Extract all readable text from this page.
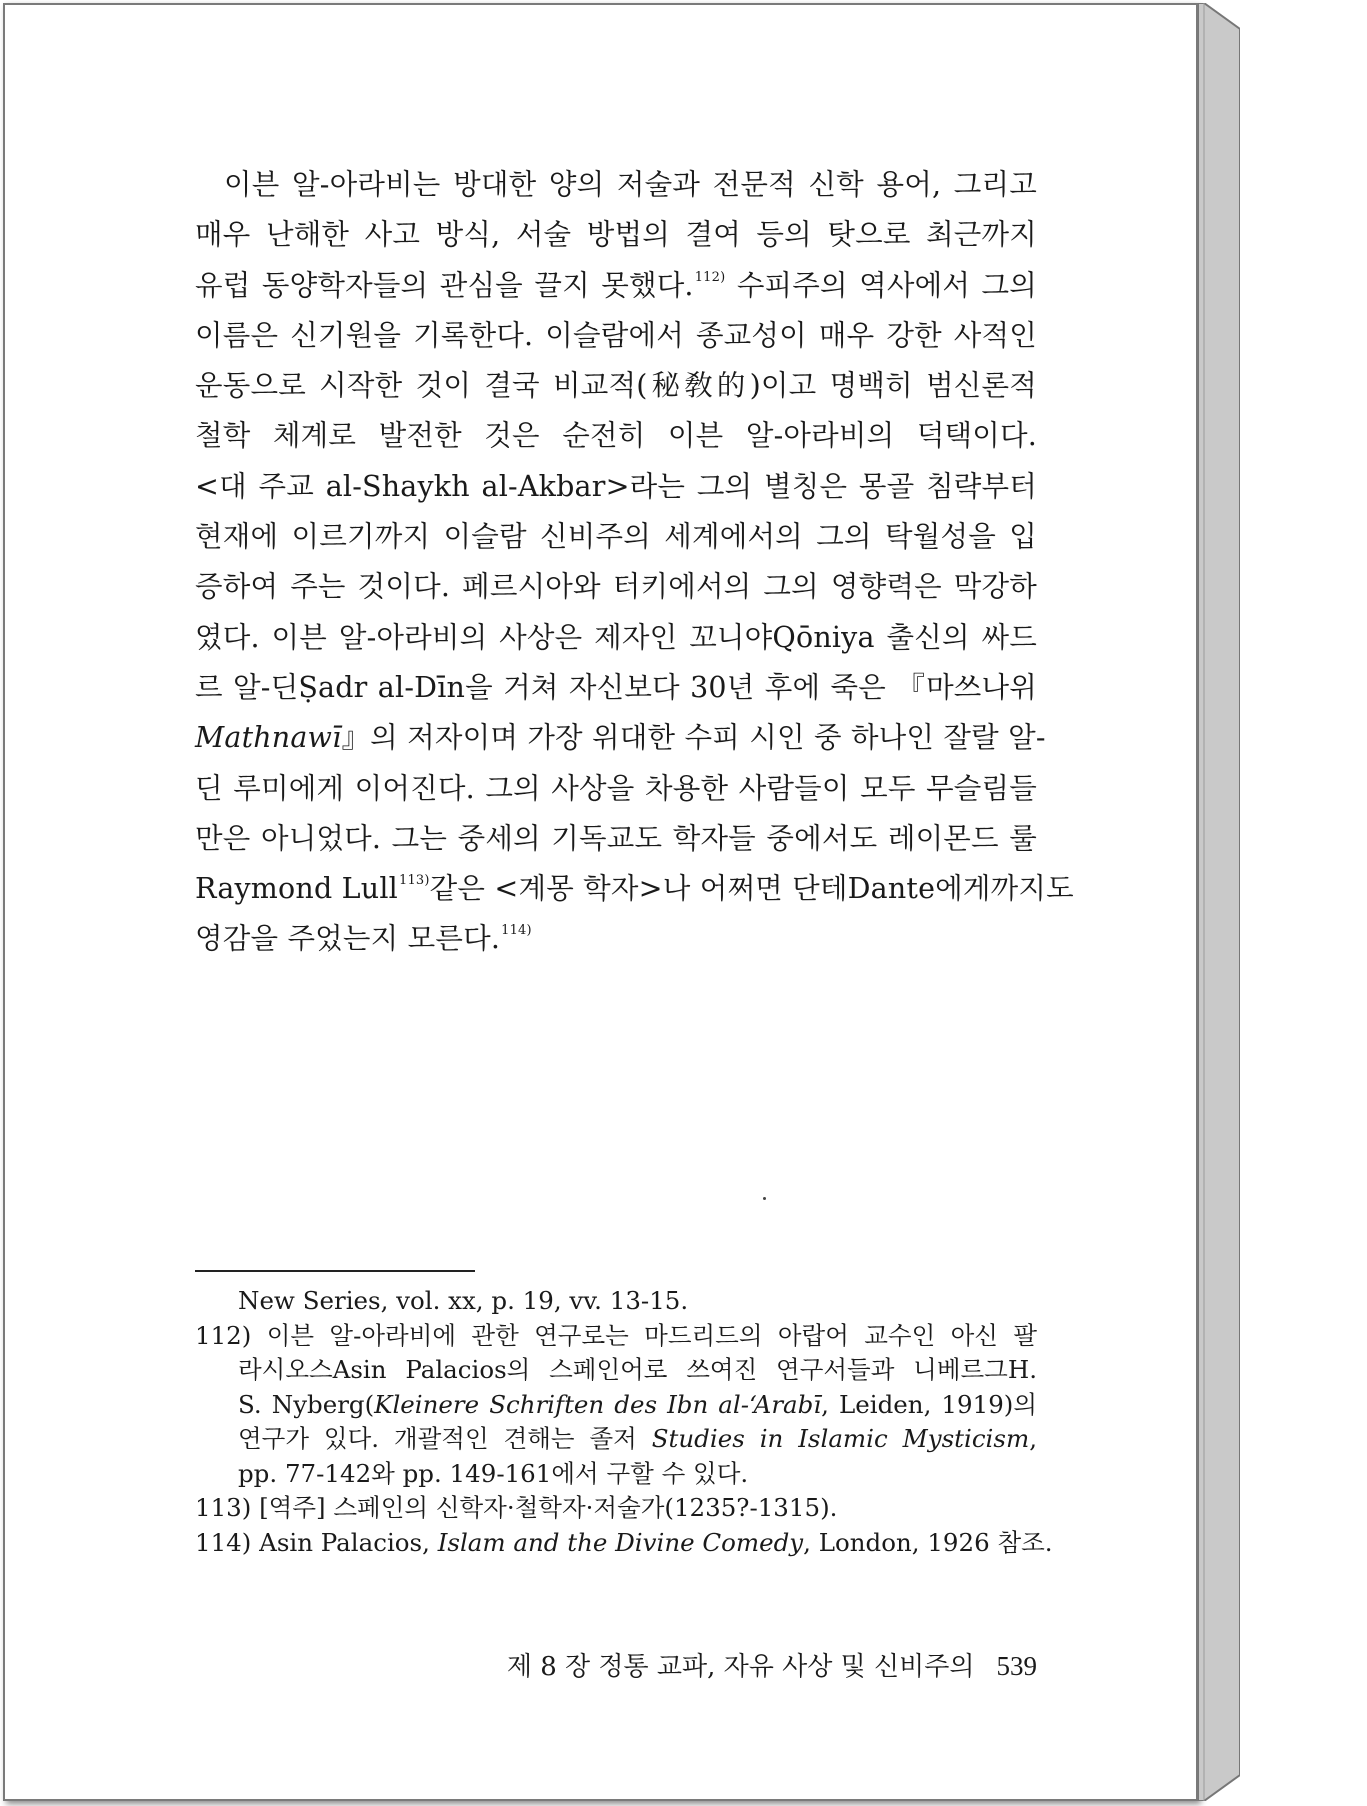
이븐 알-아라비는 방대한 양의 저술과 전문적 신학 용어, 그리고
매우 난해한 사고 방식, 서술 방법의 결여 등의 탓으로 최근까지
유럽 동양학자들의 관심을 끌지 못했다.$^{112)}$ 수피주의 역사에서 그의
이름은 신기원을 기록한다. 이슬람에서 종교성이 매우 강한 사적인
운동으로 시작한 것이 결국 비교적(秘敎的)이고 명백히 범신론적
철학 체계로 발전한 것은 순전히 이븐 알-아라비의 덕택이다.
<대 주교 al-Shaykh al-Akbar>라는 그의 별칭은 몽골 침략부터
현재에 이르기까지 이슬람 신비주의 세계에서의 그의 탁월성을 입
증하여 주는 것이다. 페르시아와 터키에서의 그의 영향력은 막강하
였다. 이븐 알-아라비의 사상은 제자인 꼬니야Qōniya 출신의 싸드
르 알-딘Ṣadr al-Dīn을 거쳐 자신보다 30년 후에 죽은 『마쓰나위
Mathnawī』의 저자이며 가장 위대한 수피 시인 중 하나인 잘랄 알-
딘 루미에게 이어진다. 그의 사상을 차용한 사람들이 모두 무슬림들
만은 아니었다. 그는 중세의 기독교도 학자들 중에서도 레이몬드 룰
Raymond Lull$^{113)}$같은 <계몽 학자>나 어쩌면 단테Dante에게까지도
영감을 주었는지 모른다.$^{114)}$
New Series, vol. xx, p. 19, vv. 13-15.
112) 이븐 알-아라비에 관한 연구로는 마드리드의 아랍어 교수인 아신 팔
라시오스Asin Palacios의 스페인어로 쓰여진 연구서들과 니베르그H.
S. Nyberg(Kleinere Schriften des Ibn al-‘Arabī, Leiden, 1919)의
연구가 있다. 개괄적인 견해는 졸저 Studies in Islamic Mysticism,
pp. 77-142와 pp. 149-161에서 구할 수 있다.
113) [역주] 스페인의 신학자·철학자·저술가(1235?-1315).
114) Asin Palacios, Islam and the Divine Comedy, London, 1926 참조.
제 8 장 정통 교파, 자유 사상 및 신비주의 539
